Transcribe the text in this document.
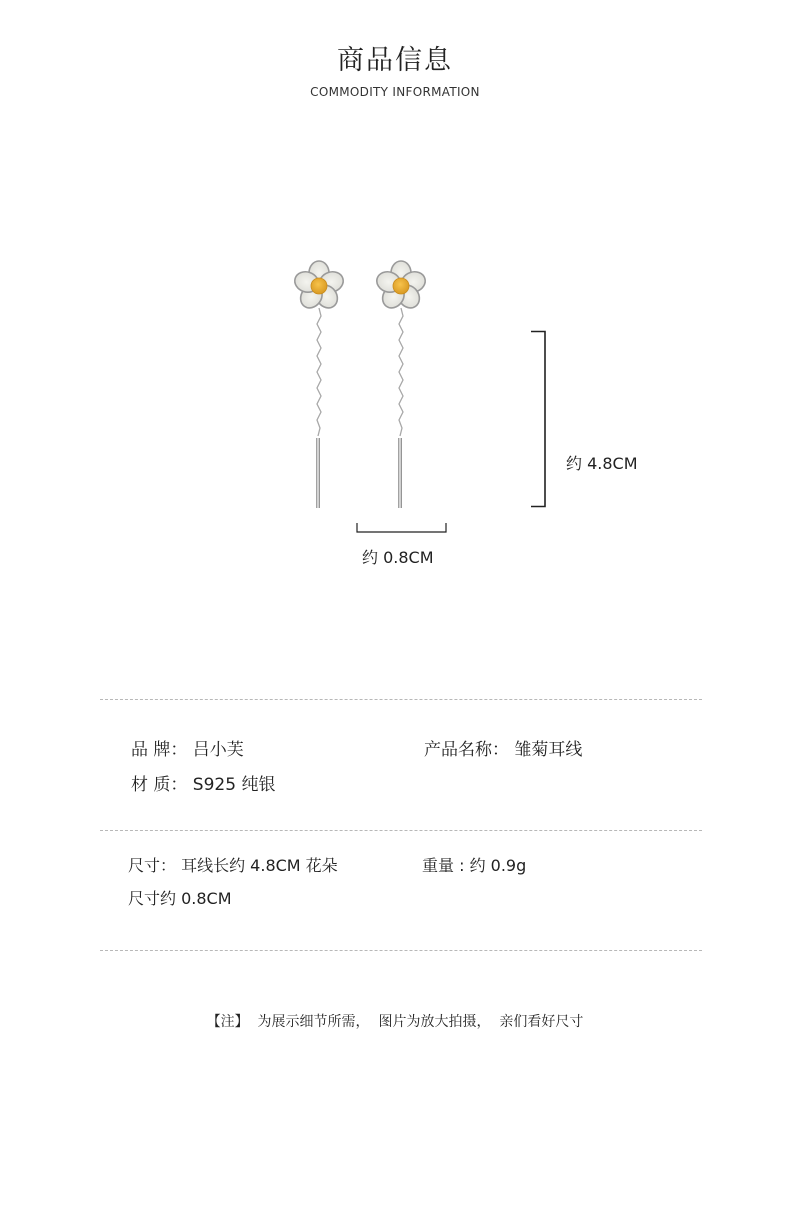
商品信息
COMMODITY INFORMATION
约 4.8CM
约 0.8CM
品 牌： 吕小芙	产品名称： 雏菊耳线
材 质： S925 纯银
尺寸： 耳线长约 4.8CM 花朵
尺寸约 0.8CM
重量 : 约 0.9g
【注】  为展示细节所需，  图片为放大拍摄，  亲们看好尺寸
